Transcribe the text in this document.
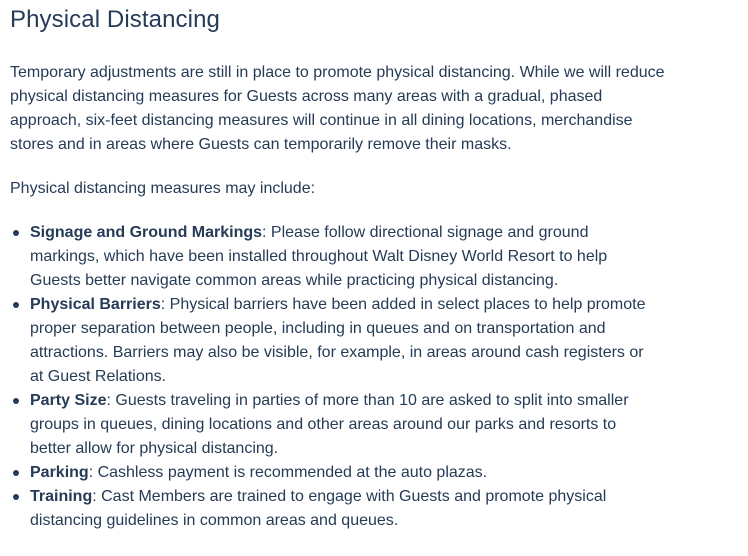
Physical Distancing

Temporary adjustments are still in place to promote physical distancing. While we will reduce physical distancing measures for Guests across many areas with a gradual, phased approach, six-feet distancing measures will continue in all dining locations, merchandise stores and in areas where Guests can temporarily remove their masks.

Physical distancing measures may include:

Signage and Ground Markings: Please follow directional signage and ground markings, which have been installed throughout Walt Disney World Resort to help Guests better navigate common areas while practicing physical distancing.
Physical Barriers: Physical barriers have been added in select places to help promote proper separation between people, including in queues and on transportation and attractions. Barriers may also be visible, for example, in areas around cash registers or at Guest Relations.
Party Size: Guests traveling in parties of more than 10 are asked to split into smaller groups in queues, dining locations and other areas around our parks and resorts to better allow for physical distancing.
Parking: Cashless payment is recommended at the auto plazas.
Training: Cast Members are trained to engage with Guests and promote physical distancing guidelines in common areas and queues.
